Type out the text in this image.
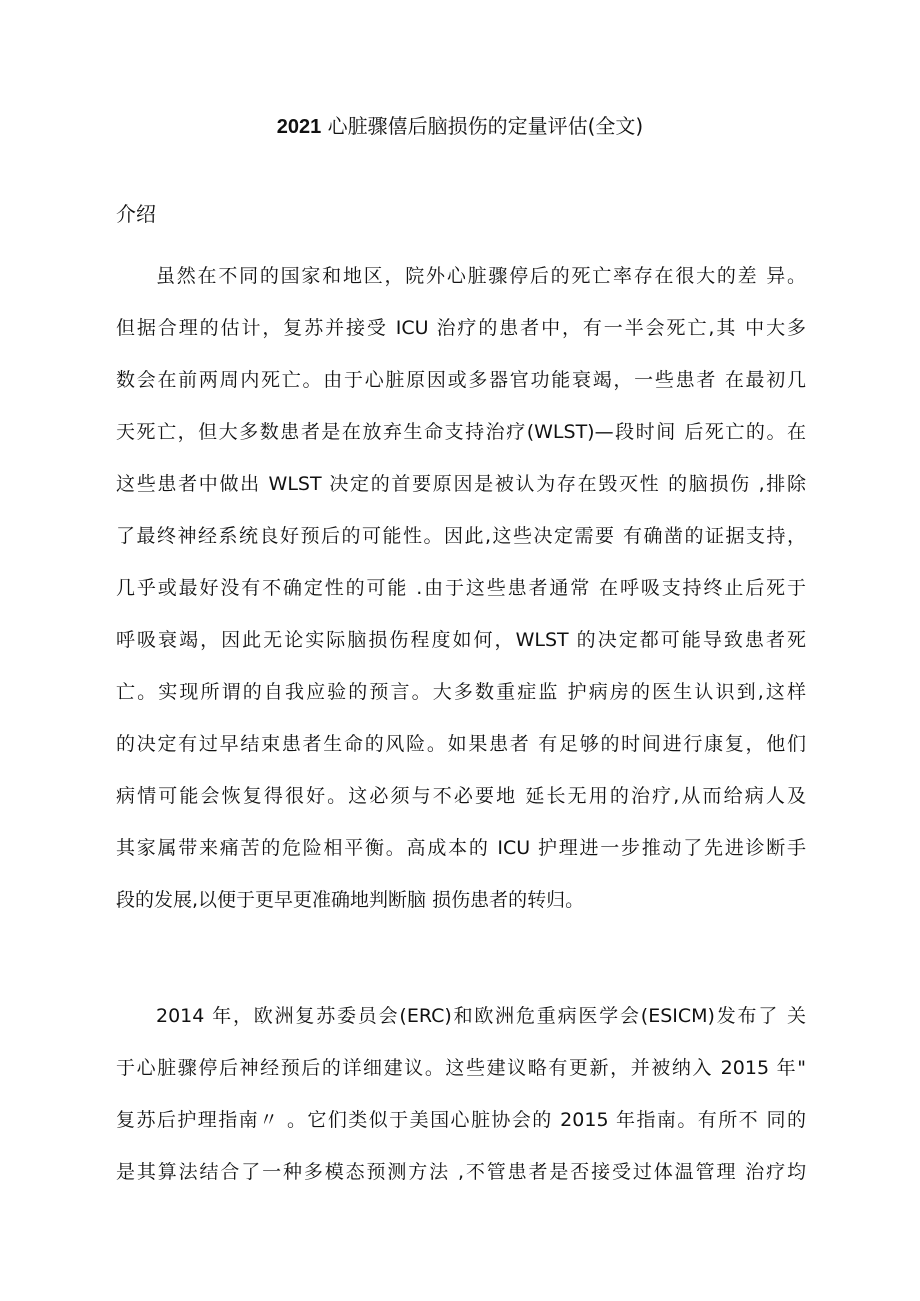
2021 心脏骤僖后脑损伤的定量评估(全文)
介绍
虽然在不同的国家和地区，院外心脏骤停后的死亡率存在很大的差 异。
但据合理的估计，复苏并接受 ICU 治疗的患者中，有一半会死亡,其 中大多
数会在前两周内死亡。由于心脏原因或多器官功能衰竭，一些患者 在最初几
天死亡，但大多数患者是在放弃生命支持治疗(WLST)—段时间 后死亡的。在
这些患者中做出 WLST 决定的首要原因是被认为存在毁灭性 的脑损伤 ,排除
了最终神经系统良好预后的可能性。因此,这些决定需要 有确凿的证据支持，
几乎或最好没有不确定性的可能 .由于这些患者通常 在呼吸支持终止后死于
呼吸衰竭，因此无论实际脑损伤程度如何，WLST 的决定都可能导致患者死
亡。实现所谓的自我应验的预言。大多数重症监 护病房的医生认识到,这样
的决定有过早结束患者生命的风险。如果患者 有足够的时间进行康复，他们
病情可能会恢复得很好。这必须与不必要地 延长无用的治疗,从而给病人及
其家属带来痛苦的危险相平衡。高成本的 ICU 护理进一步推动了先进诊断手
段的发展,以便于更早更准确地判断脑 损伤患者的转归。
2014 年，欧洲复苏委员会(ERC)和欧洲危重病医学会(ESICM)发布了 关
于心脏骤停后神经预后的详细建议。这些建议略有更新，并被纳入 2015 年"
复苏后护理指南〃 。它们类似于美国心脏协会的 2015 年指南。有所不 同的
是其算法结合了一种多模态预测方法 ,不管患者是否接受过体温管理 治疗均
